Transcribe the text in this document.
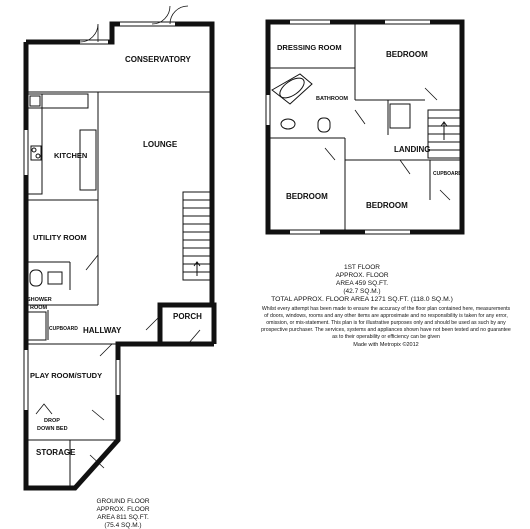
CONSERVATORY
KITCHEN
LOUNGE
UTILITY ROOM
SHOWER
ROOM
CUPBOARD HALLWAY
PORCH
PLAY ROOM/STUDY
DROP
DOWN BED
STORAGE
GROUND FLOOR
APPROX. FLOOR
AREA 811 SQ.FT.
(75.4 SQ.M.)
DRESSING ROOM
BEDROOM
BATHROOM
LANDING
CUPBOARD
BEDROOM
BEDROOM
1ST FLOOR
APPROX. FLOOR
AREA 459 SQ.FT.
(42.7 SQ.M.)
TOTAL APPROX. FLOOR AREA 1271 SQ.FT. (118.0 SQ.M.)
Whilst every attempt has been made to ensure the accuracy of the floor plan contained here, measurements
of doors, windows, rooms and any other items are approximate and no responsibility is taken for any error,
omission, or mis-statement. This plan is for illustrative purposes only and should be used as such by any
prospective purchaser. The services, systems and appliances shown have not been tested and no guarantee
as to their operability or efficiency can be given
Made with Metropix ©2012
